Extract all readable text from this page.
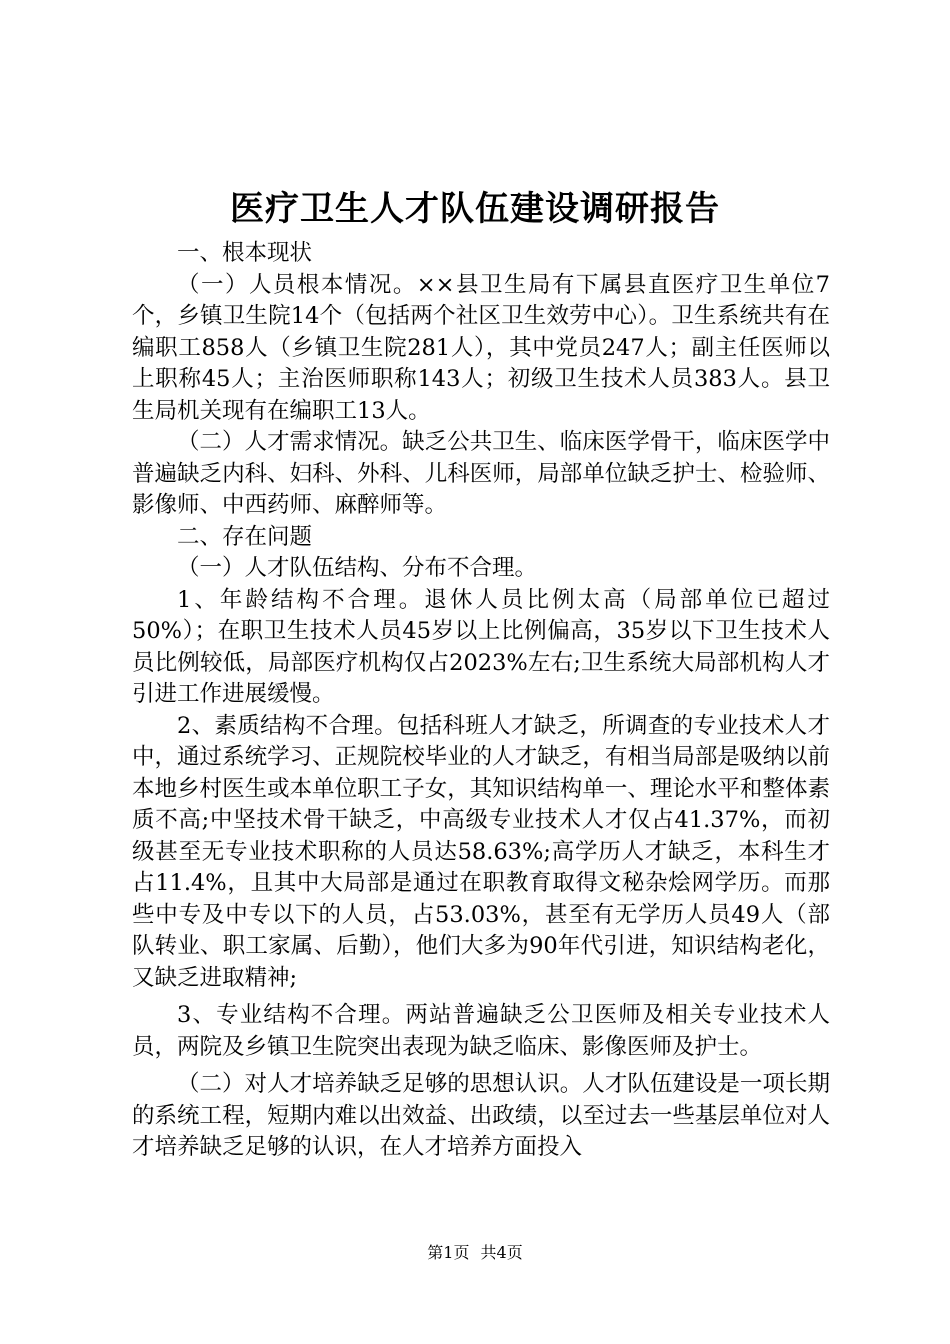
医疗卫生人才队伍建设调研报告

一、根本现状

（一）人员根本情况。××县卫生局有下属县直医疗卫生单位7个，乡镇卫生院14个（包括两个社区卫生效劳中心）。卫生系统共有在编职工858人（乡镇卫生院281人），其中党员247人；副主任医师以上职称45人；主治医师职称143人；初级卫生技术人员383人。县卫生局机关现有在编职工13人。

（二）人才需求情况。缺乏公共卫生、临床医学骨干，临床医学中普遍缺乏内科、妇科、外科、儿科医师，局部单位缺乏护士、检验师、影像师、中西药师、麻醉师等。

二、存在问题

（一）人才队伍结构、分布不合理。

1、年龄结构不合理。退休人员比例太高（局部单位已超过50%）；在职卫生技术人员45岁以上比例偏高，35岁以下卫生技术人员比例较低，局部医疗机构仅占2023%左右;卫生系统大局部机构人才引进工作进展缓慢。

2、素质结构不合理。包括科班人才缺乏，所调查的专业技术人才中，通过系统学习、正规院校毕业的人才缺乏，有相当局部是吸纳以前本地乡村医生或本单位职工子女，其知识结构单一、理论水平和整体素质不高;中坚技术骨干缺乏，中高级专业技术人才仅占41.37%，而初级甚至无专业技术职称的人员达58.63%;高学历人才缺乏，本科生才占11.4%，且其中大局部是通过在职教育取得文秘杂烩网学历。而那些中专及中专以下的人员，占53.03%，甚至有无学历人员49人（部队转业、职工家属、后勤），他们大多为90年代引进，知识结构老化，又缺乏进取精神;

3、专业结构不合理。两站普遍缺乏公卫医师及相关专业技术人员，两院及乡镇卫生院突出表现为缺乏临床、影像医师及护士。

（二）对人才培养缺乏足够的思想认识。人才队伍建设是一项长期的系统工程，短期内难以出效益、出政绩，以至过去一些基层单位对人才培养缺乏足够的认识，在人才培养方面投入

第1页 共4页
